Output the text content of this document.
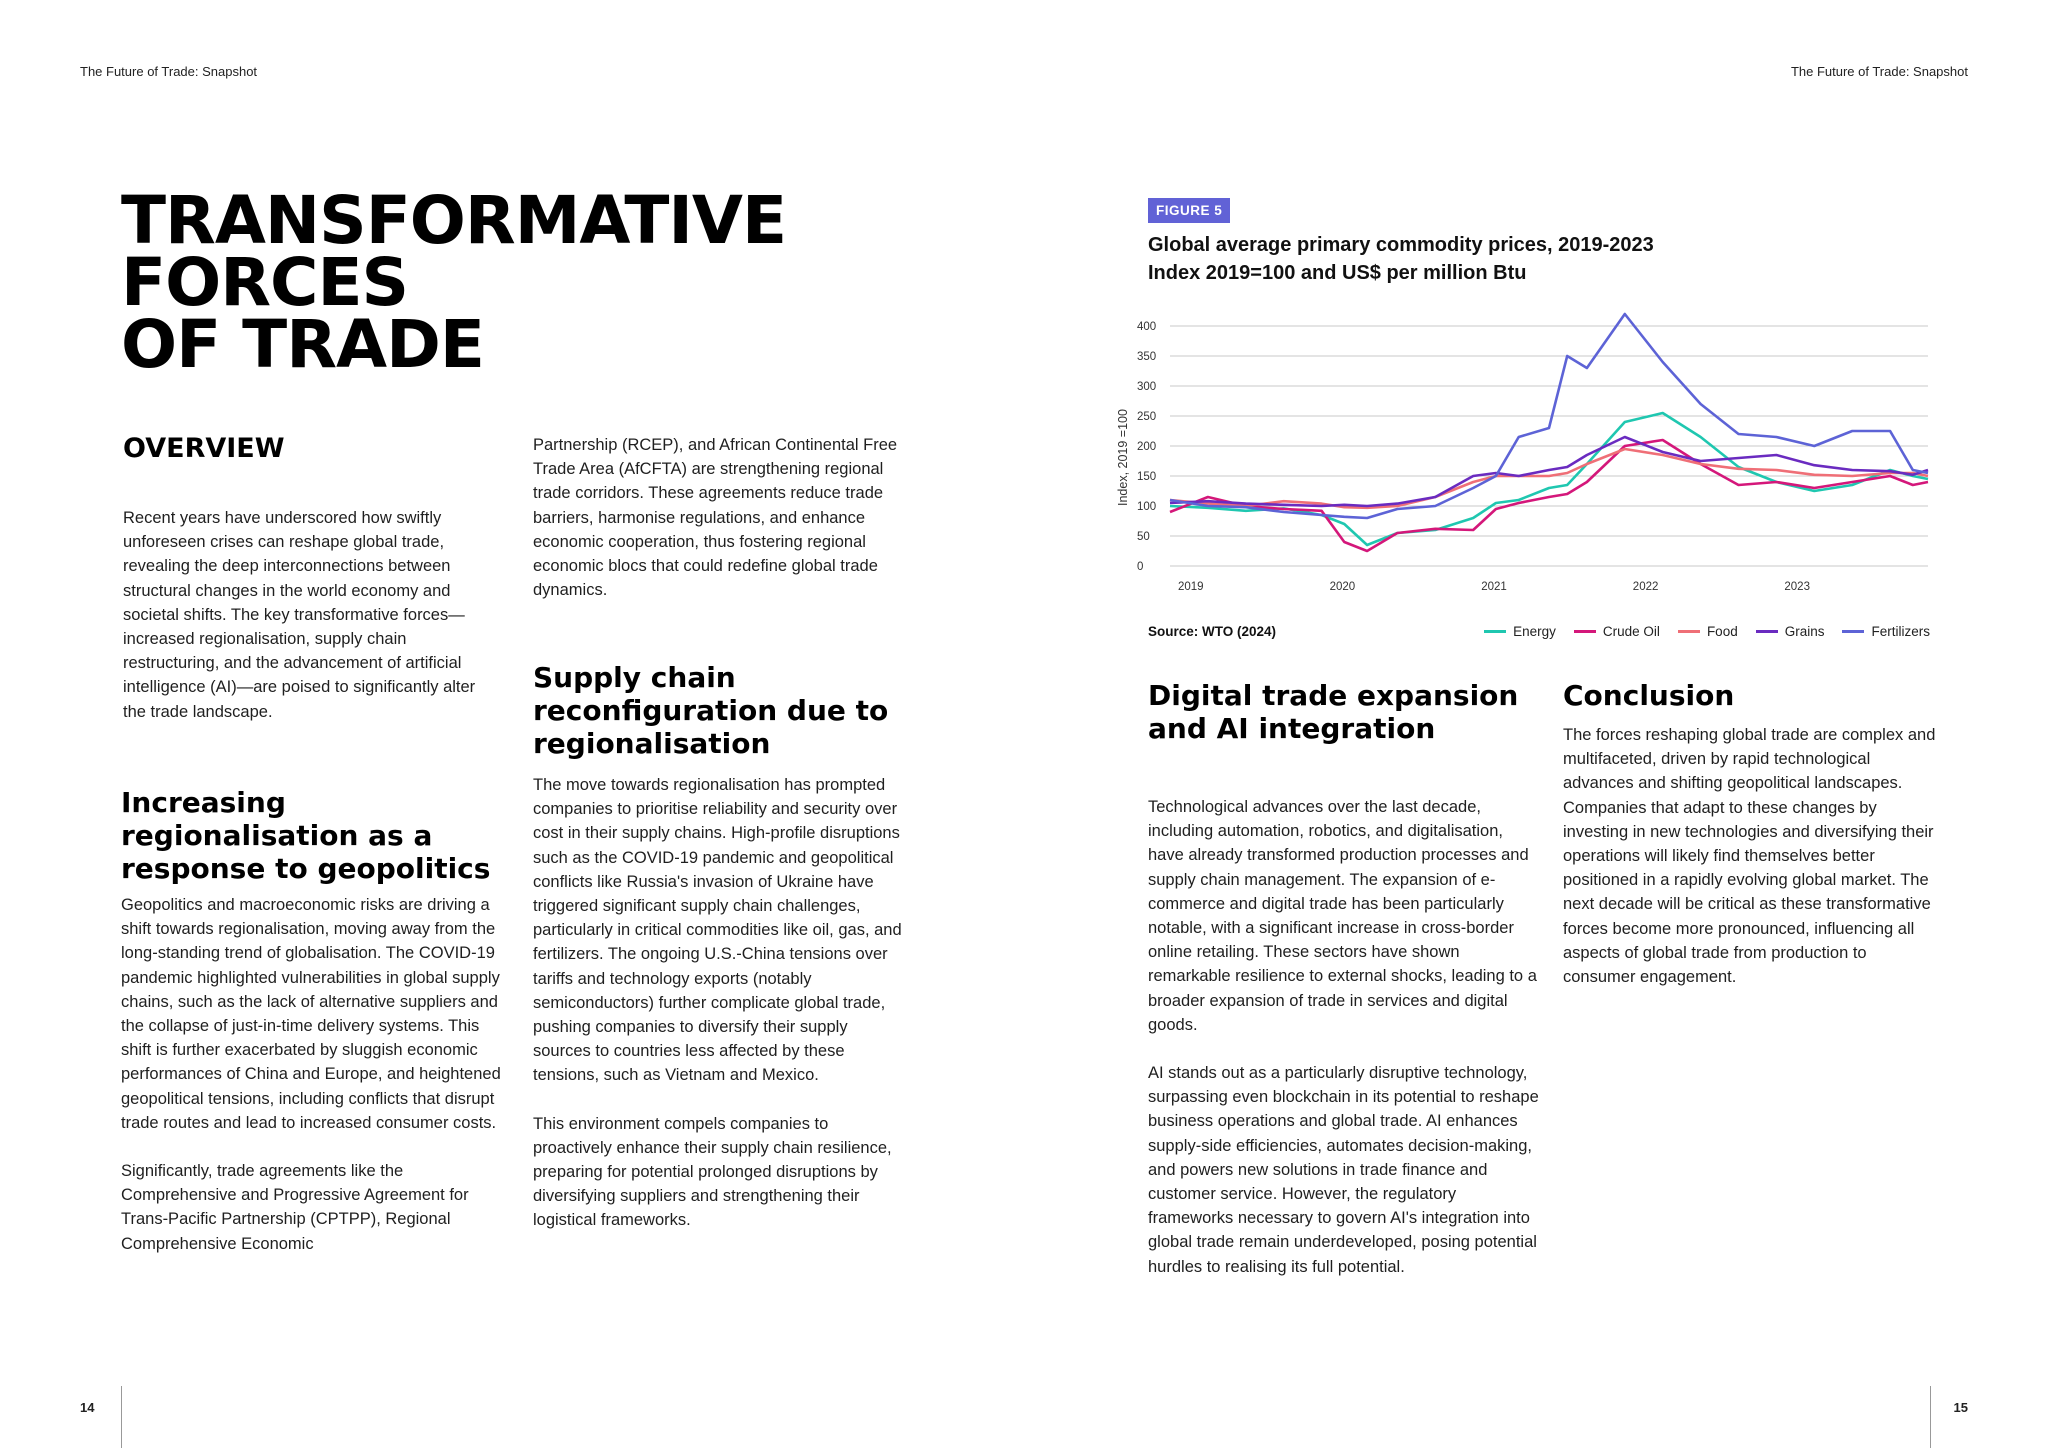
The Future of Trade: Snapshot	The Future of Trade: Snapshot
TRANSFORMATIVE
FORCES
OF TRADE
OVERVIEW

Recent years have underscored how swiftly unforeseen crises can reshape global trade, revealing the deep interconnections between structural changes in the world economy and societal shifts. The key transformative forces—increased regionalisation, supply chain restructuring, and the advancement of artificial intelligence (AI)—are poised to significantly alter the trade landscape.

Increasing regionalisation as a response to geopolitics

Geopolitics and macroeconomic risks are driving a shift towards regionalisation, moving away from the long-standing trend of globalisation. The COVID-19 pandemic highlighted vulnerabilities in global supply chains, such as the lack of alternative suppliers and the collapse of just-in-time delivery systems. This shift is further exacerbated by sluggish economic performances of China and Europe, and heightened geopolitical tensions, including conflicts that disrupt trade routes and lead to increased consumer costs.

Significantly, trade agreements like the Comprehensive and Progressive Agreement for Trans-Pacific Partnership (CPTPP), Regional Comprehensive Economic

Partnership (RCEP), and African Continental Free Trade Area (AfCFTA) are strengthening regional trade corridors. These agreements reduce trade barriers, harmonise regulations, and enhance economic cooperation, thus fostering regional economic blocs that could redefine global trade dynamics.

Supply chain reconfiguration due to regionalisation

The move towards regionalisation has prompted companies to prioritise reliability and security over cost in their supply chains. High-profile disruptions such as the COVID-19 pandemic and geopolitical conflicts like Russia's invasion of Ukraine have triggered significant supply chain challenges, particularly in critical commodities like oil, gas, and fertilizers. The ongoing U.S.-China tensions over tariffs and technology exports (notably semiconductors) further complicate global trade, pushing companies to diversify their supply sources to countries less affected by these tensions, such as Vietnam and Mexico.

This environment compels companies to proactively enhance their supply chain resilience, preparing for potential prolonged disruptions by diversifying suppliers and strengthening their logistical frameworks.

FIGURE 5
Global average primary commodity prices, 2019-2023
Index 2019=100 and US$ per million Btu
0
50
100
150
200
250
300
350
400
2019	2020	2021	2022	2023
Index, 2019 =100
Source: WTO (2024)	Energy	Crude Oil	Food	Grains	Fertilizers
Digital trade expansion and AI integration

Technological advances over the last decade, including automation, robotics, and digitalisation, have already transformed production processes and supply chain management. The expansion of e-commerce and digital trade has been particularly notable, with a significant increase in cross-border online retailing. These sectors have shown remarkable resilience to external shocks, leading to a broader expansion of trade in services and digital goods.

AI stands out as a particularly disruptive technology, surpassing even blockchain in its potential to reshape business operations and global trade. AI enhances supply-side efficiencies, automates decision-making, and powers new solutions in trade finance and customer service. However, the regulatory frameworks necessary to govern AI's integration into global trade remain underdeveloped, posing potential hurdles to realising its full potential.

Conclusion

The forces reshaping global trade are complex and multifaceted, driven by rapid technological advances and shifting geopolitical landscapes. Companies that adapt to these changes by investing in new technologies and diversifying their operations will likely find themselves better positioned in a rapidly evolving global market. The next decade will be critical as these transformative forces become more pronounced, influencing all aspects of global trade from production to consumer engagement.

14	15
